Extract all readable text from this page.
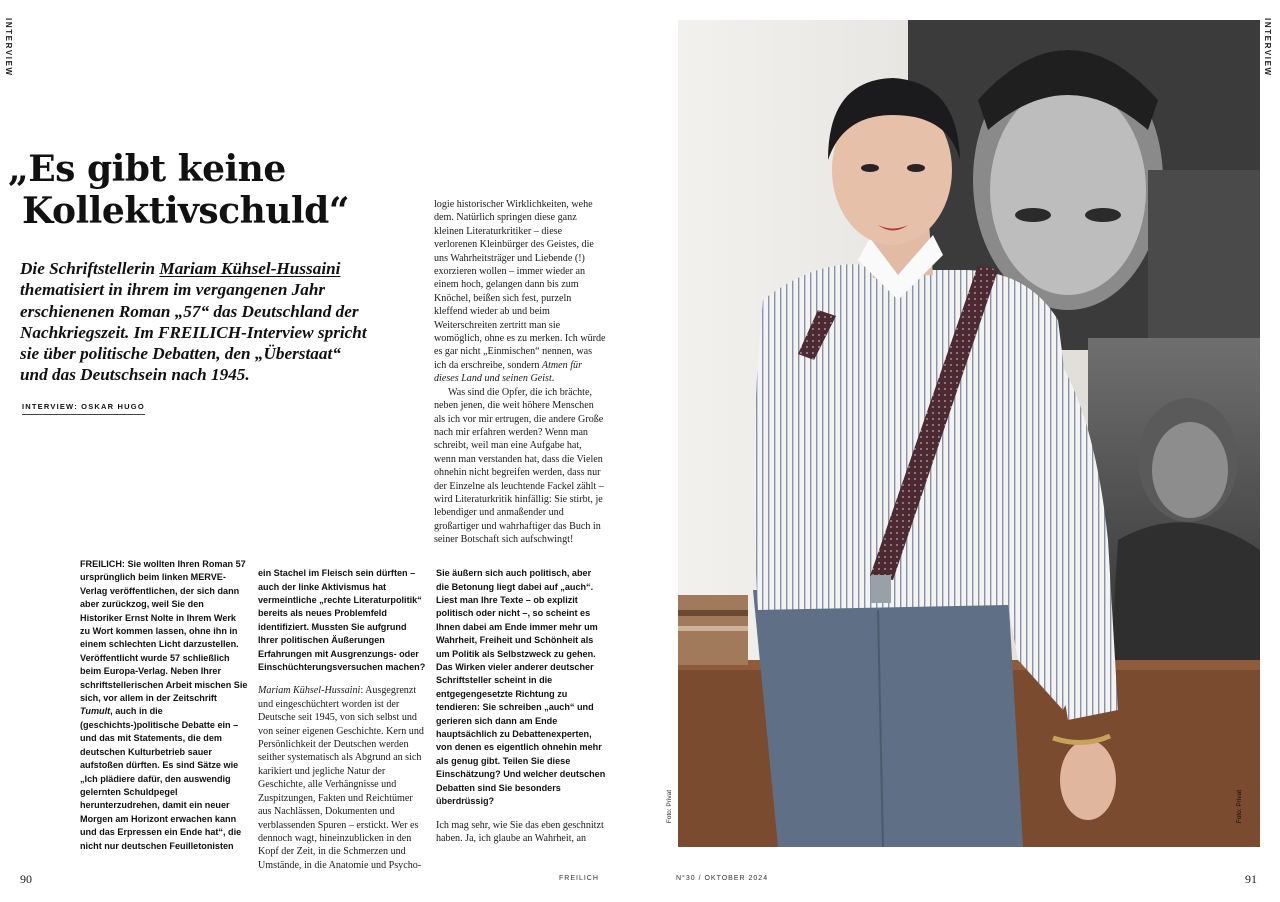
INTERVIEW
„Es gibt keine
Kollektivschuld“

Die Schriftstellerin Mariam Kühsel-Hussaini thematisiert in ihrem im vergangenen Jahr erschienenen Roman „57“ das Deutschland der Nachkriegszeit. Im FREILICH-Interview spricht sie über politische Debatten, den „Überstaat“ und das Deutschsein nach 1945.

INTERVIEW: OSKAR HUGO

logie historischer Wirklichkeiten, wehe dem. Natürlich springen diese ganz kleinen Literaturkritiker – diese verlorenen Kleinbürger des Geistes, die uns Wahrheitsträger und Liebende (!) exorzieren wollen – immer wieder an einem hoch, gelangen dann bis zum Knöchel, beißen sich fest, purzeln kleffend wieder ab und beim Weiterschreiten zertritt man sie womöglich, ohne es zu merken. Ich würde es gar nicht „Einmischen“ nennen, was ich da erschreibe, sondern Atmen für dieses Land und seinen Geist.

Was sind die Opfer, die ich brächte, neben jenen, die weit höhere Menschen als ich vor mir ertrugen, die andere Große nach mir erfahren werden? Wenn man schreibt, weil man eine Aufgabe hat, wenn man verstanden hat, dass die Vielen ohnehin nicht begreifen werden, dass nur der Einzelne als leuchtende Fackel zählt – wird Literaturkritik hinfällig: Sie stirbt, je lebendiger und anmaßender und großartiger und wahrhaftiger das Buch in seiner Botschaft sich aufschwingt!

FREILICH: Sie wollten Ihren Roman 57 ursprünglich beim linken MERVE-Verlag veröffentlichen, der sich dann aber zurückzog, weil Sie den Historiker Ernst Nolte in Ihrem Werk zu Wort kommen lassen, ohne ihn in einem schlechten Licht darzustellen. Veröffentlicht wurde 57 schließlich beim Europa-Verlag. Neben Ihrer schriftstellerischen Arbeit mischen Sie sich, vor allem in der Zeitschrift Tumult, auch in die (geschichts-)politische Debatte ein – und das mit Statements, die dem deutschen Kulturbetrieb sauer aufstoßen dürften. Es sind Sätze wie „Ich plädiere dafür, den auswendig gelernten Schuldpegel herunterzudrehen, damit ein neuer Morgen am Horizont erwachen kann und das Erpressen ein Ende hat“, die nicht nur deutschen Feuilletonisten

ein Stachel im Fleisch sein dürften – auch der linke Aktivismus hat vermeintliche „rechte Literaturpolitik“ bereits als neues Problemfeld identifiziert. Mussten Sie aufgrund Ihrer politischen Äußerungen Erfahrungen mit Ausgrenzungs- oder Einschüchterungsversuchen machen?

Mariam Kühsel-Hussaini: Ausgegrenzt und eingeschüchtert worden ist der Deutsche seit 1945, von sich selbst und von seiner eigenen Geschichte. Kern und Persönlichkeit der Deutschen werden seither systematisch als Abgrund an sich karikiert und jegliche Natur der Geschichte, alle Verhängnisse und Zuspitzungen, Fakten und Reichtümer aus Nachlässen, Dokumenten und verblassenden Spuren – erstickt. Wer es dennoch wagt, hineinzublicken in den Kopf der Zeit, in die Schmerzen und Umstände, in die Anatomie und Psycho-

Sie äußern sich auch politisch, aber die Betonung liegt dabei auf „auch“. Liest man Ihre Texte – ob explizit politisch oder nicht –, so scheint es Ihnen dabei am Ende immer mehr um Wahrheit, Freiheit und Schönheit als um Politik als Selbstzweck zu gehen. Das Wirken vieler anderer deutscher Schriftsteller scheint in die entgegengesetzte Richtung zu tendieren: Sie schreiben „auch“ und gerieren sich dann am Ende hauptsächlich zu Debattenexperten, von denen es eigentlich ohnehin mehr als genug gibt. Teilen Sie diese Einschätzung? Und welcher deutschen Debatten sind Sie besonders überdrüssig?

Ich mag sehr, wie Sie das eben geschnitzt haben. Ja, ich glaube an Wahrheit, an

90	FREILICH	N°30 / OKTOBER 2024	91
INTERVIEW
Foto: Privat	Foto: Privat
